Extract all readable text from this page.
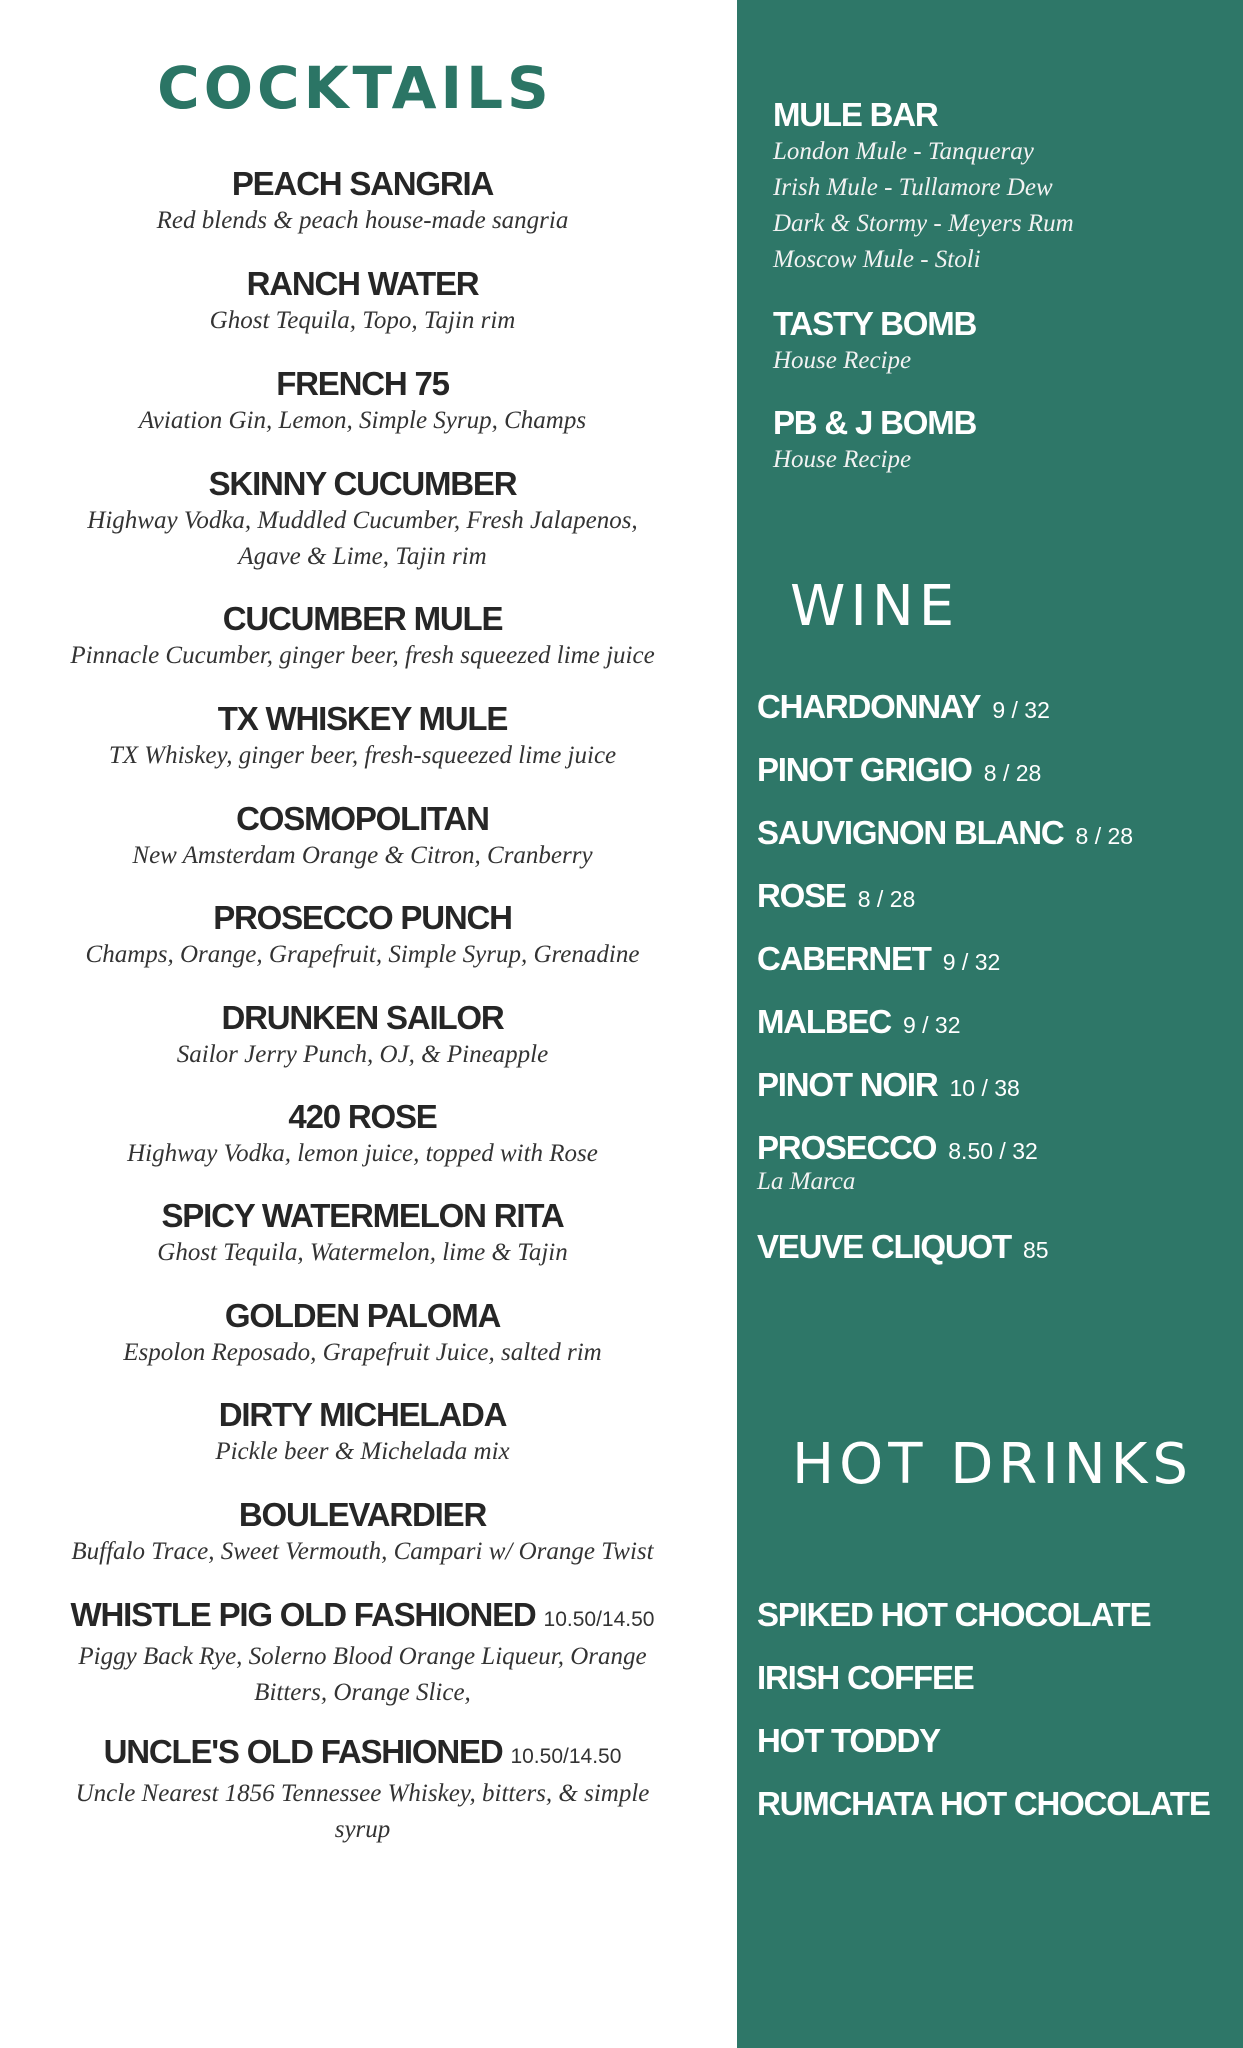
COCKTAILS
PEACH SANGRIA
Red blends & peach house-made sangria
RANCH WATER
Ghost Tequila, Topo, Tajin rim
FRENCH 75
Aviation Gin, Lemon, Simple Syrup, Champs
SKINNY CUCUMBER
Highway Vodka, Muddled Cucumber, Fresh Jalapenos,
Agave & Lime, Tajin rim
CUCUMBER MULE
Pinnacle Cucumber, ginger beer, fresh squeezed lime juice
TX WHISKEY MULE
TX Whiskey, ginger beer, fresh-squeezed lime juice
COSMOPOLITAN
New Amsterdam Orange & Citron, Cranberry
PROSECCO PUNCH
Champs, Orange, Grapefruit, Simple Syrup, Grenadine
DRUNKEN SAILOR
Sailor Jerry Punch, OJ, & Pineapple
420 ROSE
Highway Vodka, lemon juice, topped with Rose
SPICY WATERMELON RITA
Ghost Tequila, Watermelon, lime & Tajin
GOLDEN PALOMA
Espolon Reposado, Grapefruit Juice, salted rim
DIRTY MICHELADA
Pickle beer & Michelada mix
BOULEVARDIER
Buffalo Trace, Sweet Vermouth, Campari w/ Orange Twist
WHISTLE PIG OLD FASHIONED 10.50/14.50
Piggy Back Rye, Solerno Blood Orange Liqueur, Orange
Bitters, Orange Slice,
UNCLE'S OLD FASHIONED 10.50/14.50
Uncle Nearest 1856 Tennessee Whiskey, bitters, & simple
syrup
MULE BAR
London Mule - Tanqueray
Irish Mule - Tullamore Dew
Dark & Stormy - Meyers Rum
Moscow Mule - Stoli
TASTY BOMB
House Recipe
PB & J BOMB
House Recipe
WINE
CHARDONNAY 9 / 32
PINOT GRIGIO 8 / 28
SAUVIGNON BLANC 8 / 28
ROSE 8 / 28
CABERNET 9 / 32
MALBEC 9 / 32
PINOT NOIR 10 / 38
PROSECCO 8.50 / 32
La Marca
VEUVE CLIQUOT 85
HOT DRINKS
SPIKED HOT CHOCOLATE
IRISH COFFEE
HOT TODDY
RUMCHATA HOT CHOCOLATE
